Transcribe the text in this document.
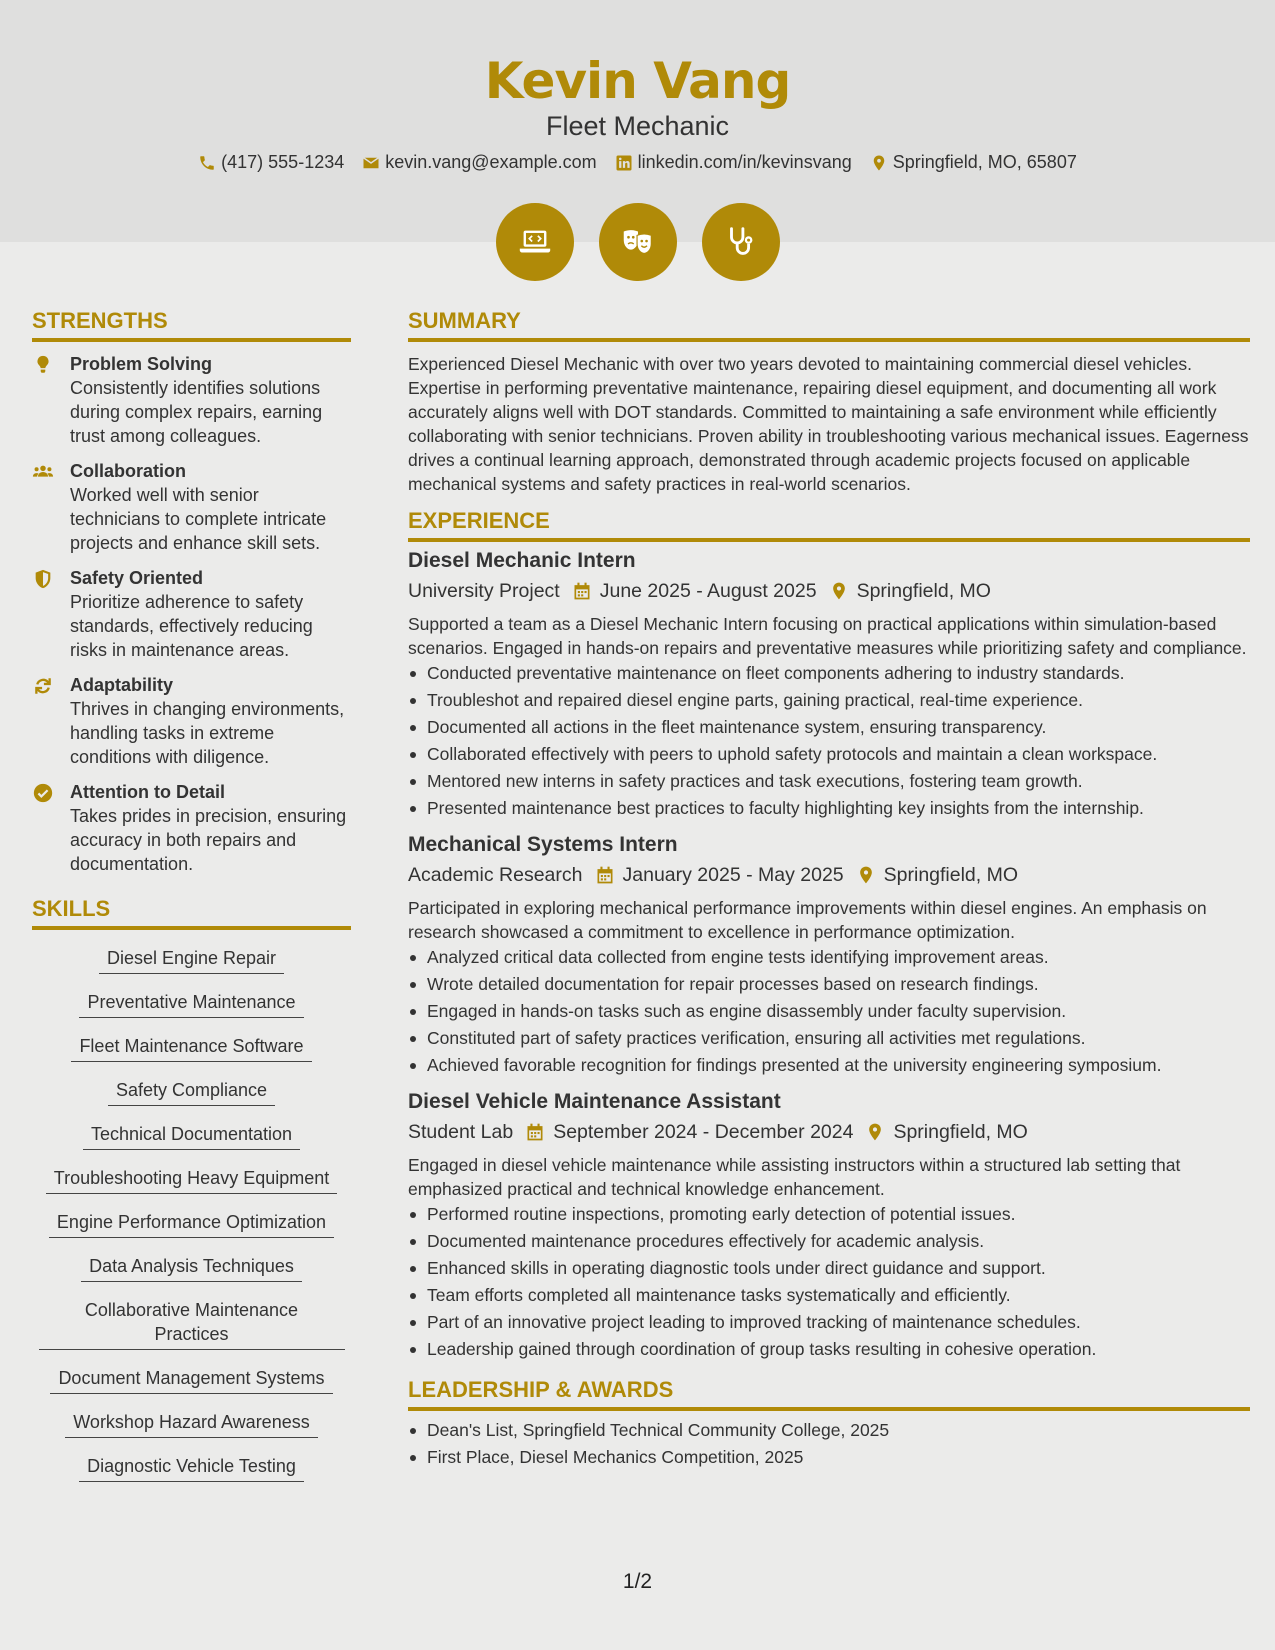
Kevin Vang
Fleet Mechanic
(417) 555-1234 kevin.vang@example.com linkedin.com/in/kevinsvang Springfield, MO, 65807
STRENGTHS
Problem Solving
Consistently identifies solutions during complex repairs, earning trust among colleagues.
Collaboration
Worked well with senior technicians to complete intricate projects and enhance skill sets.
Safety Oriented
Prioritize adherence to safety standards, effectively reducing risks in maintenance areas.
Adaptability
Thrives in changing environments, handling tasks in extreme conditions with diligence.
Attention to Detail
Takes prides in precision, ensuring accuracy in both repairs and documentation.
SKILLS
Diesel Engine Repair
Preventative Maintenance
Fleet Maintenance Software
Safety Compliance
Technical Documentation
Troubleshooting Heavy Equipment
Engine Performance Optimization
Data Analysis Techniques
Collaborative Maintenance Practices
Document Management Systems
Workshop Hazard Awareness
Diagnostic Vehicle Testing
SUMMARY
Experienced Diesel Mechanic with over two years devoted to maintaining commercial diesel vehicles. Expertise in performing preventative maintenance, repairing diesel equipment, and documenting all work accurately aligns well with DOT standards. Committed to maintaining a safe environment while efficiently collaborating with senior technicians. Proven ability in troubleshooting various mechanical issues. Eagerness drives a continual learning approach, demonstrated through academic projects focused on applicable mechanical systems and safety practices in real-world scenarios.
EXPERIENCE
Diesel Mechanic Intern
University Project June 2025 - August 2025 Springfield, MO
Supported a team as a Diesel Mechanic Intern focusing on practical applications within simulation-based scenarios. Engaged in hands-on repairs and preventative measures while prioritizing safety and compliance.
Conducted preventative maintenance on fleet components adhering to industry standards.
Troubleshot and repaired diesel engine parts, gaining practical, real-time experience.
Documented all actions in the fleet maintenance system, ensuring transparency.
Collaborated effectively with peers to uphold safety protocols and maintain a clean workspace.
Mentored new interns in safety practices and task executions, fostering team growth.
Presented maintenance best practices to faculty highlighting key insights from the internship.
Mechanical Systems Intern
Academic Research January 2025 - May 2025 Springfield, MO
Participated in exploring mechanical performance improvements within diesel engines. An emphasis on research showcased a commitment to excellence in performance optimization.
Analyzed critical data collected from engine tests identifying improvement areas.
Wrote detailed documentation for repair processes based on research findings.
Engaged in hands-on tasks such as engine disassembly under faculty supervision.
Constituted part of safety practices verification, ensuring all activities met regulations.
Achieved favorable recognition for findings presented at the university engineering symposium.
Diesel Vehicle Maintenance Assistant
Student Lab September 2024 - December 2024 Springfield, MO
Engaged in diesel vehicle maintenance while assisting instructors within a structured lab setting that emphasized practical and technical knowledge enhancement.
Performed routine inspections, promoting early detection of potential issues.
Documented maintenance procedures effectively for academic analysis.
Enhanced skills in operating diagnostic tools under direct guidance and support.
Team efforts completed all maintenance tasks systematically and efficiently.
Part of an innovative project leading to improved tracking of maintenance schedules.
Leadership gained through coordination of group tasks resulting in cohesive operation.
LEADERSHIP & AWARDS
Dean's List, Springfield Technical Community College, 2025
First Place, Diesel Mechanics Competition, 2025
1/2
